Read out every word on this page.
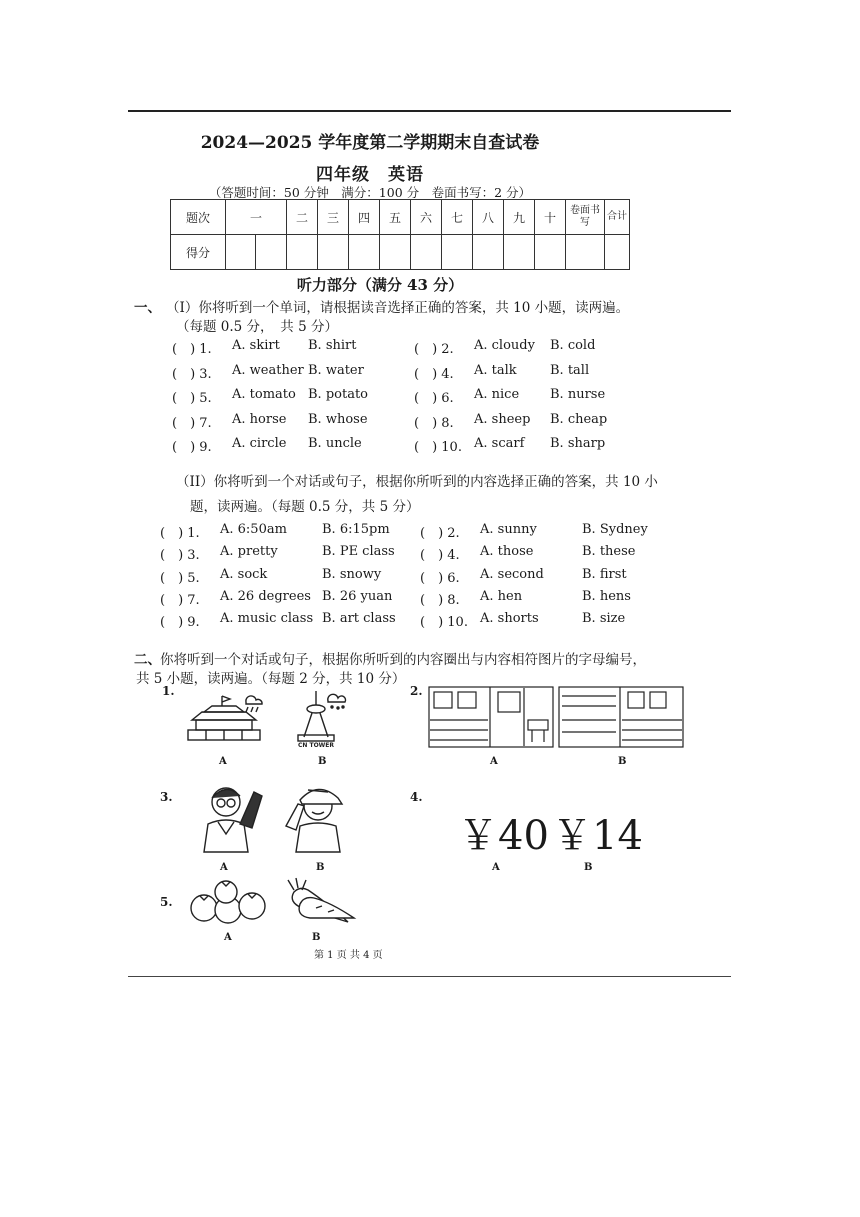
2024—2025 学年度第二学期期末自查试卷
四年级　英语
（答题时间：50 分钟　满分：100 分　卷面书写：2 分）
题次	一	二	三	四	五	六	七	八	九	十	卷面书写	合计
得分	

听力部分（满分 43 分）
一、 （I）你将听到一个单词，请根据读音选择正确的答案，共 10 小题，读两遍。
（每题 0.5 分，　共 5 分）
(　) 1. A. skirt B. shirt	(　) 2. A. cloudy B. cold
(　) 3. A. weather B. water	(　) 4. A. talk	B. tall
(　) 5. A. tomato B. potato	(　) 6. A. nice B. nurse
(　) 7. A. horse B. whose	(　) 8. A. sheep B. cheap
(　) 9. A. circle B. uncle	(　) 10. A. scarf B. sharp
（II）你将听到一个对话或句子，根据你所听到的内容选择正确的答案，共 10 小
题，读两遍。（每题 0.5 分，共 5 分）
(　) 1. A. 6:50am	B. 6:15pm (　) 2. A. sunny	B. Sydney
(　) 3. A. pretty	B. PE class (　) 4. A. those	B. these
(　) 5. A. sock	B. snowy	(　) 6. A. second	B. first
(　) 7. A. 26 degrees B. 26 yuan (　) 8. A. hen	B. hens
(　) 9. A. music class B. art class (　) 10. A. shorts	B. size
二、 你将听到一个对话或句子，根据你所听到的内容圈出与内容相符图片的字母编号，
共 5 小题，读两遍。（每题 2 分，共 10 分）
1.	2.
3.	4.
5.
CN TOWER
A	B	A	B
A	B
￥40 ￥14
A	B
A	B
第 1 页 共 4 页
